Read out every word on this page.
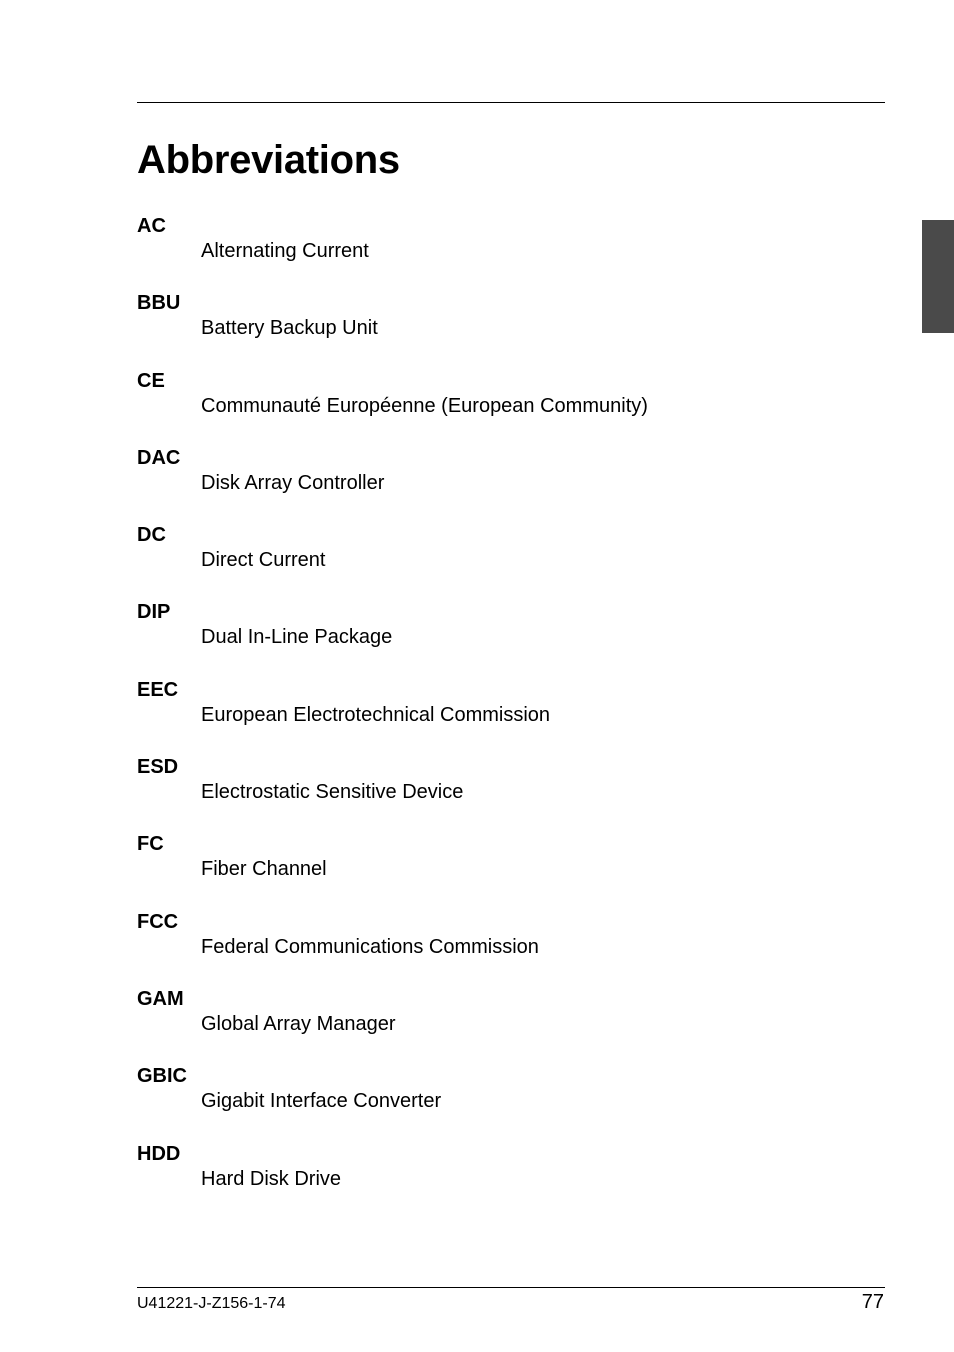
Abbreviations
AC
Alternating Current
BBU
Battery Backup Unit
CE
Communauté Européenne (European Community)
DAC
Disk Array Controller
DC
Direct Current
DIP
Dual In-Line Package
EEC
European Electrotechnical Commission
ESD
Electrostatic Sensitive Device
FC
Fiber Channel
FCC
Federal Communications Commission
GAM
Global Array Manager
GBIC
Gigabit Interface Converter
HDD
Hard Disk Drive
U41221-J-Z156-1-74	77
